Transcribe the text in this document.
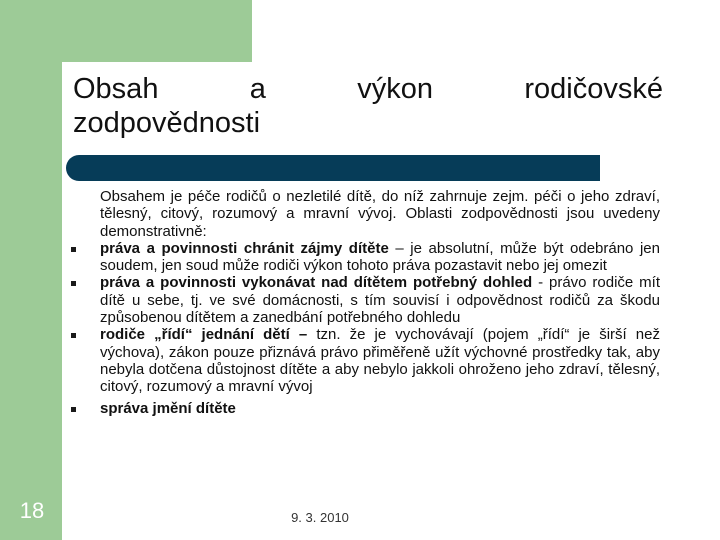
Obsah	a	výkon	rodičovské
zodpovědnosti

Obsahem je péče rodičů o nezletilé dítě, do níž zahrnuje zejm. péči o jeho zdraví, tělesný, citový, rozumový a mravní vývoj. Oblasti zodpovědnosti jsou uvedeny demonstrativně:

práva a povinnosti chránit zájmy dítěte – je absolutní, může být odebráno jen soudem, jen soud může rodiči výkon tohoto práva pozastavit nebo jej omezit

práva a povinnosti vykonávat nad dítětem potřebný dohled - právo rodiče mít dítě u sebe, tj. ve své domácnosti, s tím souvisí i odpovědnost rodičů za škodu způsobenou dítětem a zanedbání potřebného dohledu

rodiče „řídí“ jednání dětí – tzn. že je vychovávají (pojem „řídí“ je širší než výchova), zákon pouze přiznává právo přiměřeně užít výchovné prostředky tak, aby nebyla dotčena důstojnost dítěte a aby nebylo jakkoli ohroženo jeho zdraví, tělesný, citový, rozumový a mravní vývoj

správa jmění dítěte

18	9. 3. 2010
